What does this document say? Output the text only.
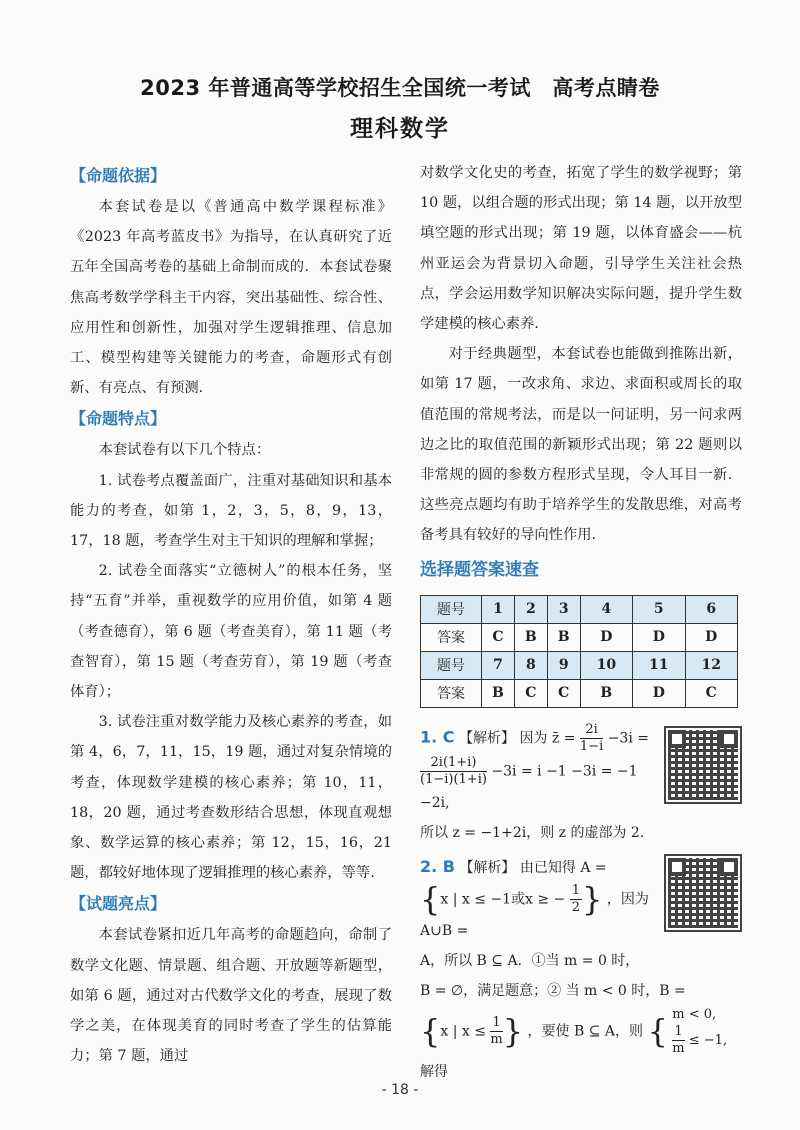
2023 年普通高等学校招生全国统一考试　高考点睛卷
理科数学
【命题依据】

本套试卷是以《普通高中数学课程标准》《2023 年高考蓝皮书》为指导，在认真研究了近五年全国高考卷的基础上命制而成的．本套试卷聚焦高考数学学科主干内容，突出基础性、综合性、应用性和创新性，加强对学生逻辑推理、信息加工、模型构建等关键能力的考查，命题形式有创新、有亮点、有预测．

【命题特点】

本套试卷有以下几个特点：

1. 试卷考点覆盖面广，注重对基础知识和基本能力的考查，如第 1，2，3，5，8，9，13，17，18 题，考查学生对主干知识的理解和掌握；

2. 试卷全面落实“立德树人”的根本任务，坚持“五育”并举，重视数学的应用价值，如第 4 题（考查德育），第 6 题（考查美育），第 11 题（考查智育），第 15 题（考查劳育），第 19 题（考查体育）；

3. 试卷注重对数学能力及核心素养的考查，如第 4，6，7，11，15，19 题，通过对复杂情境的考查，体现数学建模的核心素养；第 10，11，18，20 题，通过考查数形结合思想，体现直观想象、数学运算的核心素养；第 12，15，16，21 题，都较好地体现了逻辑推理的核心素养，等等．

【试题亮点】

本套试卷紧扣近几年高考的命题趋向，命制了数学文化题、情景题、组合题、开放题等新题型，如第 6 题，通过对古代数学文化的考查，展现了数学之美，在体现美育的同时考查了学生的估算能力；第 7 题，通过

对数学文化史的考查，拓宽了学生的数学视野；第 10 题，以组合题的形式出现；第 14 题，以开放型填空题的形式出现；第 19 题，以体育盛会——杭州亚运会为背景切入命题，引导学生关注社会热点，学会运用数学知识解决实际问题，提升学生数学建模的核心素养．

对于经典题型，本套试卷也能做到推陈出新，如第 17 题，一改求角、求边、求面积或周长的取值范围的常规考法，而是以一问证明，另一问求两边之比的取值范围的新颖形式出现；第 22 题则以非常规的圆的参数方程形式呈现，令人耳目一新．这些亮点题均有助于培养学生的发散思维，对高考备考具有较好的导向性作用．

选择题答案速查
题号	1	2	3	4	5	6
答案	C	B	B	D	D	D
题号	7	8	9	10	11	12
答案	B	C	C	B	D	C
1. C 【解析】 因为 z̄ = $\frac{2i}{1-i} -3i$ =

$\frac{2i(1+i)}{(1-i)(1+i)} -3i = i -1 -3i = -1 -2i$,

所以 z = −1+2i，则 z 的虚部为 2.
2. B 【解析】 由已知得 A =
{x | x ≤ −1或x ≥ − $\frac{1}{2}$ } ，因为 A∪B =
A，所以 B ⊆ A．①当 m = 0 时，
B = ∅，满足题意；② 当 m < 0 时，B =
{x | $x \le \frac{1}{m}$ } ，要使 B ⊆ A，则 { m < 0,
$\frac{1}{m} \le -1$,
解得
- 18 -
